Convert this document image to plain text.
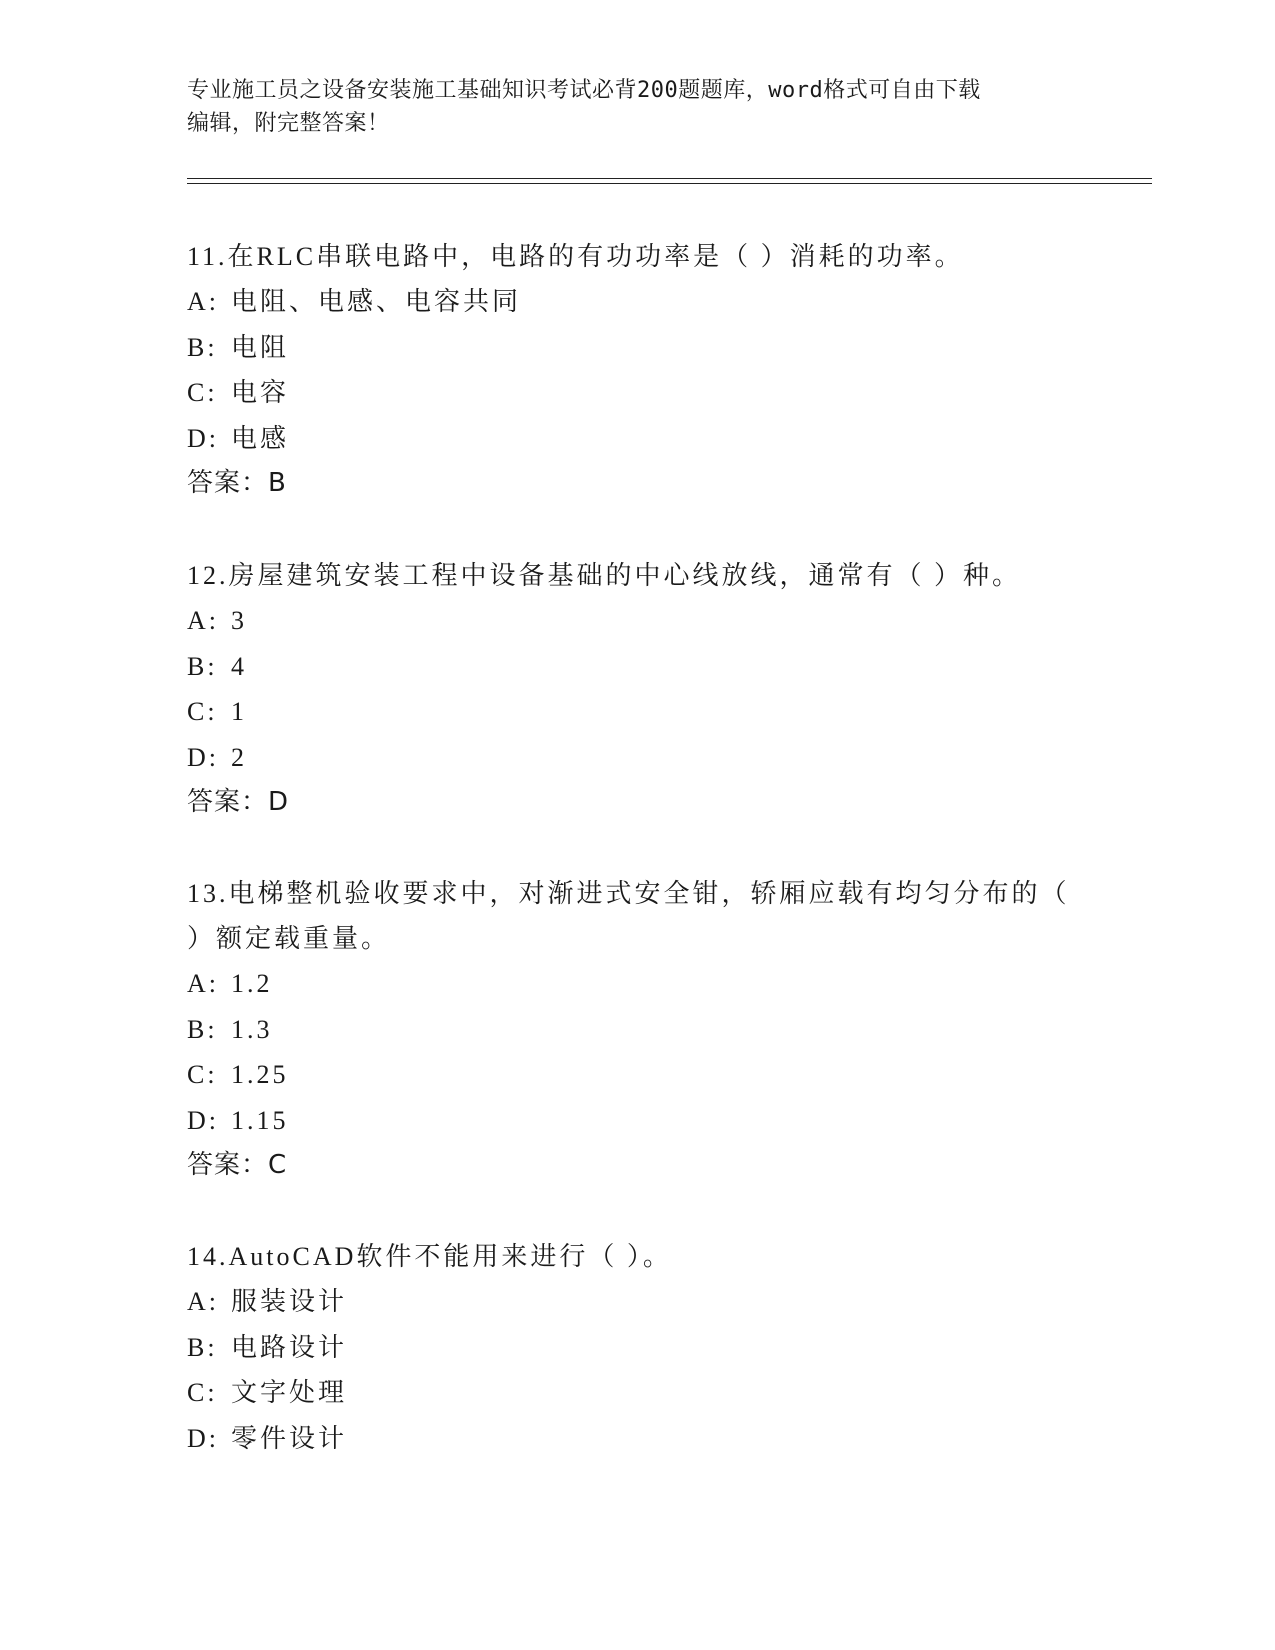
专业施工员之设备安装施工基础知识考试必背200题题库，word格式可自由下载
编辑，附完整答案！

11.在RLC串联电路中，电路的有功功率是（ ）消耗的功率。

A: 电阻、电感、电容共同

B: 电阻

C: 电容

D: 电感

答案：B

12.房屋建筑安装工程中设备基础的中心线放线，通常有（ ）种。

A: 3

B: 4

C: 1

D: 2

答案：D

13.电梯整机验收要求中，对渐进式安全钳，轿厢应载有均匀分布的（

）额定载重量。

A: 1.2

B: 1.3

C: 1.25

D: 1.15

答案：C

14.AutoCAD软件不能用来进行（ ）。

A: 服装设计

B: 电路设计

C: 文字处理

D: 零件设计
